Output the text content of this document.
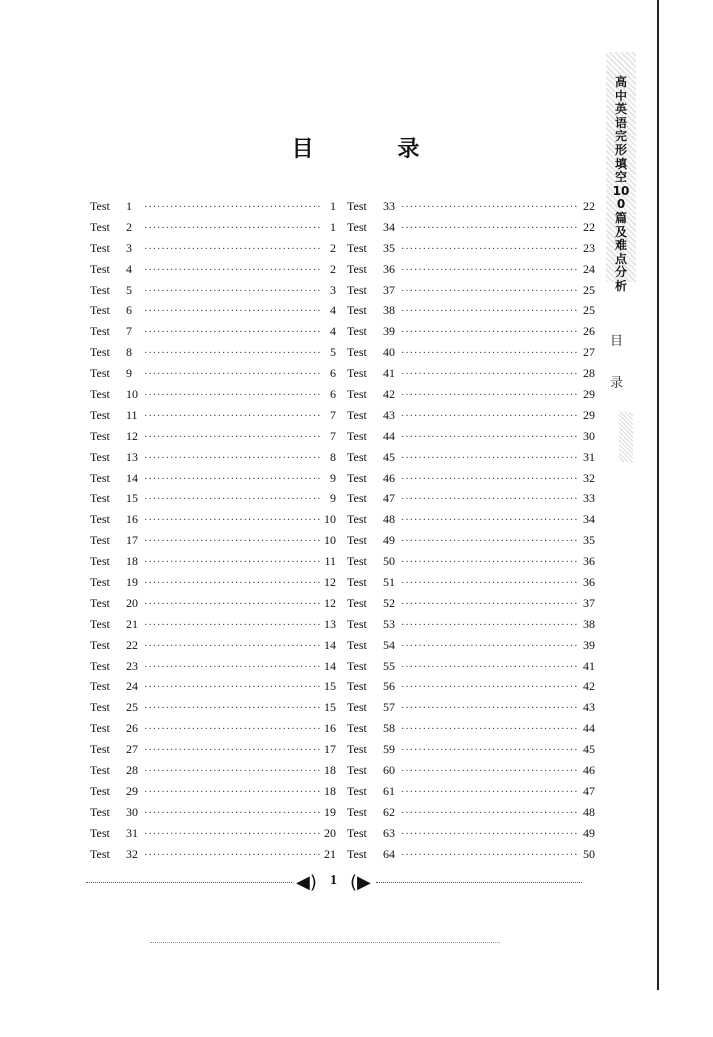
高中英语完形填空100篇及难点分析
目
录
目 录
Test	1 ·····	1
Test	2 ·····	1
Test	3 ·····	2
Test	4 ·····	2
Test	5 ·····	3
Test	6 ·····	4
Test	7 ·····	4
Test	8 ·····	5
Test	9 ·····	6
Test	10 ·····	6
Test	11 ·····	7
Test	12 ·····	7
Test	13 ·····	8
Test	14 ·····	9
Test	15 ·····	9
Test	16 ·····	10
Test	17 ·····	10
Test	18 ·····	11
Test	19 ·····	12
Test	20 ·····	12
Test	21 ·····	13
Test	22 ·····	14
Test	23 ·····	14
Test	24 ·····	15
Test	25 ·····	15
Test	26 ·····	16
Test	27 ·····	17
Test	28 ·····	18
Test	29 ·····	18
Test	30 ·····	19
Test	31 ·····	20
Test	32 ·····	21
Test	33 ·····	22
Test	34 ·····	22
Test	35 ·····	23
Test	36 ·····	24
Test	37 ·····	25
Test	38 ·····	25
Test	39 ·····	26
Test	40 ·····	27
Test	41 ·····	28
Test	42 ·····	29
Test	43 ·····	29
Test	44 ·····	30
Test	45 ·····	31
Test	46 ·····	32
Test	47 ·····	33
Test	48 ·····	34
Test	49 ·····	35
Test	50 ·····	36
Test	51 ·····	36
Test	52 ·····	37
Test	53 ·····	38
Test	54 ·····	39
Test	55 ·····	41
Test	56 ·····	42
Test	57 ·····	43
Test	58 ·····	44
Test	59 ·····	45
Test	60 ·····	46
Test	61 ·····	47
Test	62 ·····	48
Test	63 ·····	49
Test	64 ·····	50
◀) 1 (▶
